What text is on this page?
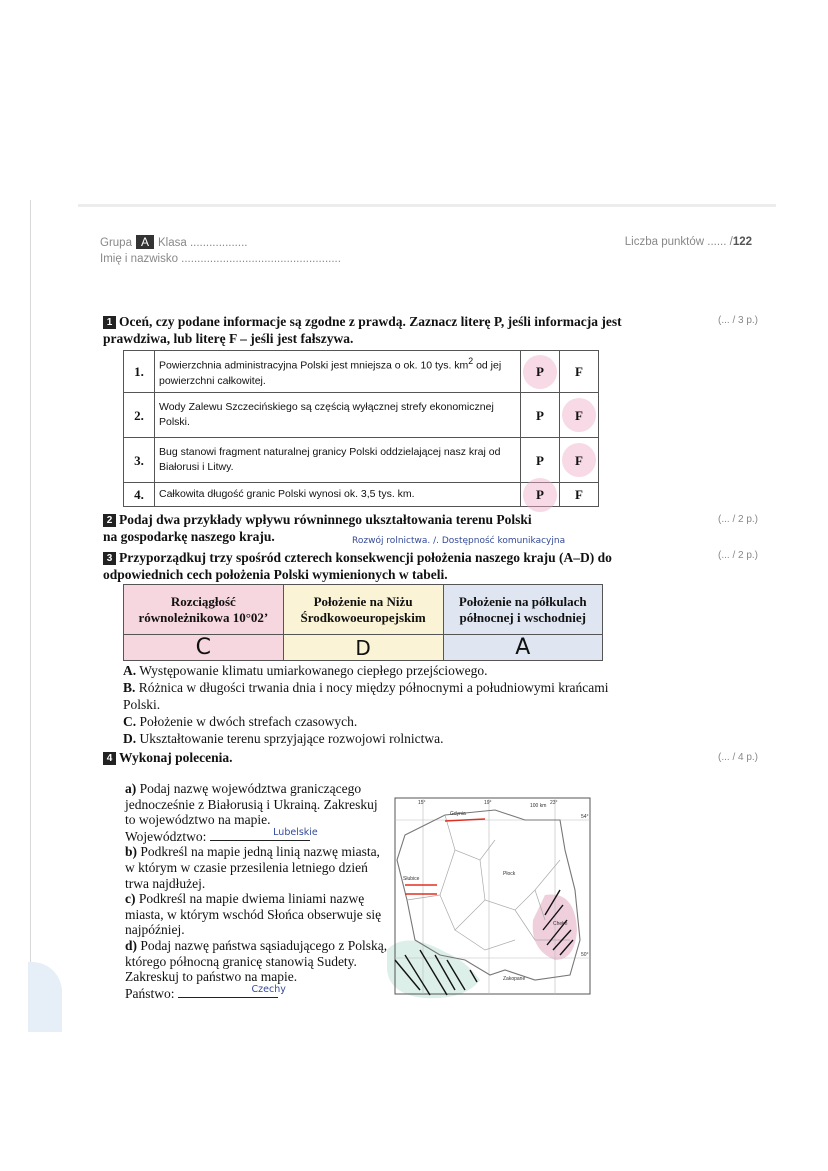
Grupa A Klasa ..................
Imię i nazwisko ..................................................
Liczba punktów ...... /122
1 Oceń, czy podane informacje są zgodne z prawdą. Zaznacz literę P, jeśli informacja jest prawdziwa, lub literę F – jeśli jest fałszywa.
(... / 3 p.)
1.	Powierzchnia administracyjna Polski jest mniejsza o ok. 10 tys. $km^2$ od jej powierzchni całkowitej.	P	F
2.	Wody Zalewu Szczecińskiego są częścią wyłącznej strefy ekonomicznej Polski.	P	F
3.	Bug stanowi fragment naturalnej granicy Polski oddzielającej nasz kraj od Białorusi i Litwy.	P	F
4.	Całkowita długość granic Polski wynosi ok. 3,5 tys. km.	P	F
2 Podaj dwa przykłady wpływu równinnego ukształtowania terenu Polski na gospodarkę naszego kraju.	Rozwój rolnictwa. /. Dostępność komunikacyjna
(... / 2 p.)
3 Przyporządkuj trzy spośród czterech konsekwencji położenia naszego kraju (A–D) do odpowiednich cech położenia Polski wymienionych w tabeli.
(... / 2 p.)
Rozciągłość równoleżnikowa 10°02’	Położenie na Niżu Środkowoeuropejskim	Położenie na półkulach północnej i wschodniej
C	D	A
A. Występowanie klimatu umiarkowanego ciepłego przejściowego.
B. Różnica w długości trwania dnia i nocy między północnymi a południowymi krańcami Polski.
C. Położenie w dwóch strefach czasowych.
D. Ukształtowanie terenu sprzyjające rozwojowi rolnictwa.
4 Wykonaj polecenia.	(... / 4 p.)
a) Podaj nazwę województwa graniczącego jednocześnie z Białorusią i Ukrainą. Zakreskuj to województwo na mapie.
Województwo:	Lubelskie
b) Podkreśl na mapie jedną linią nazwę miasta, w którym w czasie przesilenia letniego dzień trwa najdłużej.
c) Podkreśl na mapie dwiema liniami nazwę miasta, w którym wschód Słońca obserwuje się najpóźniej.
d) Podaj nazwę państwa sąsiadującego z Polską, którego północną granicę stanowią Sudety. Zakreskuj to państwo na mapie.
Państwo:	Czechy
Gdynia
Słubice
Płock
Chełm
Zakopane
100 km
15°	19°	23°
54°
50°
